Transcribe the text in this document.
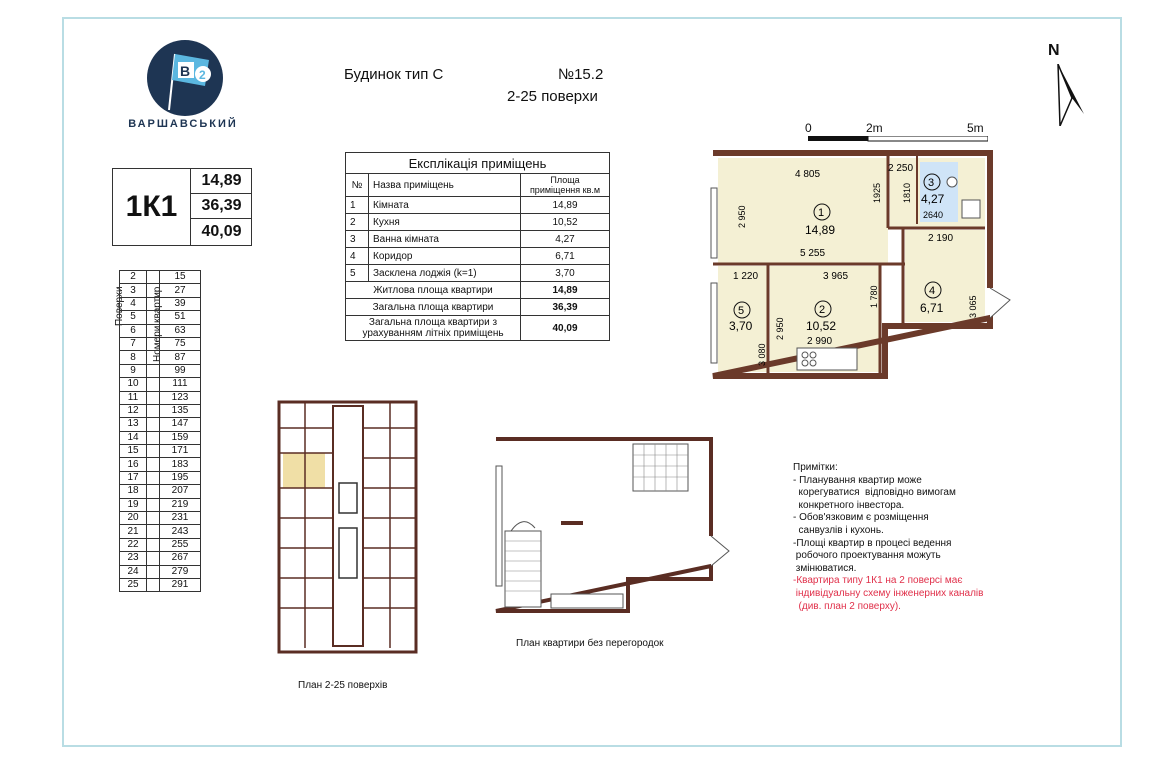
B 2
ВАРШАВСЬКИЙ
Будинок тип С	№15.2
2-25 поверхи
N
0	2m	5m
1К1
14,89
36,39
40,09
Поверхи	Номери квартир
	2		15
	3		27
	4		39
	5		51
	6		63
	7		75
	8		87
	9		99
	10		111
	11		123
	12		135
	13		147
	14		159
	15		171
	16		183
	17		195
	18		207
	19		219
	20		231
	21		243
	22		255
	23		267
	24		279
	25		291
Експлікація приміщень		
№	Назва приміщень	Площа приміщення кв.м
1	Кімната	14,89
2	Кухня	10,52
3	Ванна кімната	4,27
4	Коридор	6,71
5	Засклена лоджія (k=1)	3,70
Житлова площа квартири		14,89
Загальна площа квартири		36,39
Загальна площа квартири з урахуванням літніх приміщень		40,09
4 805
2 250
1925 1810
2640
2 950
5 255
2 190
1 220	3 965
2 950
1 780	3 065
3 080
2 990
1
14,89
2
10,52
3
4,27
4
6,71
5
3,70
План 2-25 поверхів
План квартири без перегородок
Примітки:
- Планування квартир може
корегуватися  відповідно вимогам
конкретного інвестора.
- Обов'язковим є розміщення
санвузлів і кухонь.
-Площі квартир в процесі ведення
робочого проектування можуть
змінюватися.
-Квартира типу 1К1 на 2 поверсі має
індивідуальну схему інженерних каналів
(див. план 2 поверху).
